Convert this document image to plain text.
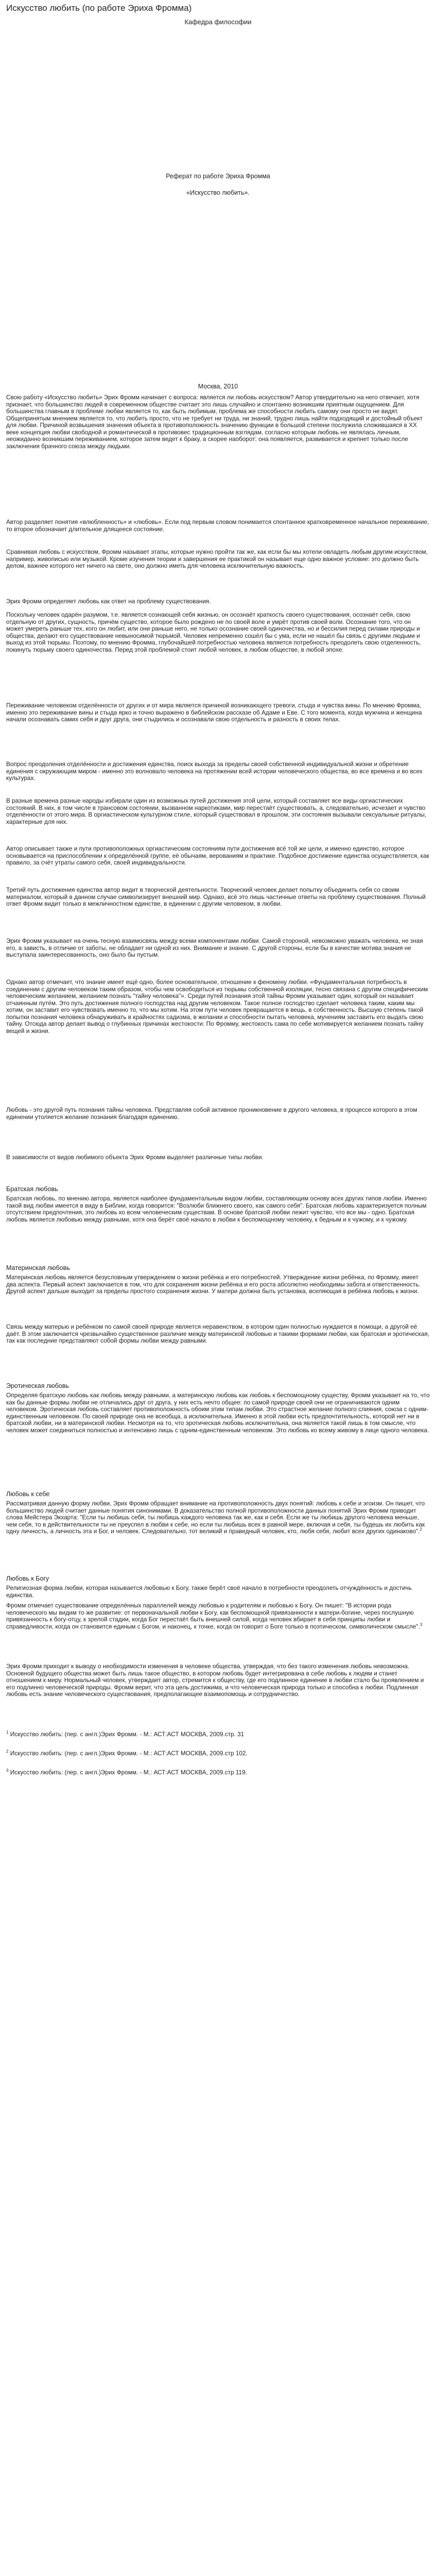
Искусство любить (по работе Эриха Фромма)
Кафедра философии
Реферат по работе Эриха Фромма
«Искусство любить».
Москва, 2010

Свою работу «Искусство любить» Эрих Фромм начинает с вопроса: является ли любовь искусством? Автор утвердительно на него отвечает, хотя признает, что большинство людей в современном обществе считает это лишь случайно и спонтанно возникшим приятным ощущением. Для большинства главным в проблеме любви является то, как быть любимым, проблема же способности любить самому они просто не видят. Общепринятым мнением является то, что любить просто, что не требует ни труда, ни знаний, трудно лишь найти подходящий и достойный объект для любви. Причиной возвышения значения объекта в противоположность значению функции в большой степени послужила сложившаяся в XX веке концепция любви свободной и романтической в противовес традиционным взглядам, согласно которым любовь не являлась личным, неожиданно возникшим переживанием, которое затем ведет к браку, а скорее наоборот: она появляется, развивается и крепнет только после заключения брачного союза между людьми.

Автор разделяет понятия «влюбленность» и «любовь». Если под первым словом понимается спонтанное кратковременное начальное переживание, то второе обозначает длительное длящееся состояние.

Сравнивая любовь с искусством, Фромм называет этапы, которые нужно пройти так же, как если бы мы хотели овладеть любым другим искусством, например, живописью или музыкой. Кроме изучения теории и завершения ее практикой он называет еще одно важное условие: это должно быть делом, важнее которого нет ничего на свете, оно должно иметь для человека исключительную важность.

Эрих Фромм определяет любовь как ответ на проблему существования.

Поскольку человек одарён разумом, т.е. является сознающей себя жизнью, он осознаёт краткость своего существования, осознаёт себя, свою отдельную от других, сущность, причём существо, которое было рождено не по своей воле и умрёт против своей воли. Осознание того, что он может умереть раньше тех, кого он любит, или они раньше него, не только осознание своей одиночества, но и бессилия перед силами природы и общества, делают его существование невыносимой тюрьмой. Человек непременно сошёл бы с ума, если не нашёл бы связь с другими людьми и выход из этой тюрьмы. Поэтому, по мнению Фромма, глубочайшей потребностью человека является потребность преодолеть свою отделенность, покинуть тюрьму своего одиночества. Перед этой проблемой стоит любой человек, в любом обществе, в любой эпохе.

Переживание человеком отделённости от других и от мира является причиной возникающего тревоги, стыда и чувства вины. По мнению Фромма, именно это переживание вины и стыда ярко и точно выражено в библейском рассказе об Адаме и Еве. С того момента, когда мужчина и женщина начали осознавать самих себя и друг друга, они стыдились и осознавали свою отдельность и разность в своих телах.

Вопрос преодоления отделённости и достижения единства, поиск выхода за пределы своей собственной индивидуальной жизни и обретение единения с окружающим миром - именно это волновало человека на протяжении всей истории человеческого общества, во все времена и во всех культурах.

В разные времена разные народы избирали один из возможных путей достижения этой цели, который составляет все виды оргиастических состояний. В них, в том числе в трансовом состоянии, вызванном наркотиками, мир перестаёт существовать, а, следовательно, исчезает и чувство отделённости от этого мира. В оргиастическом культурном стиле, который существовал в прошлом, эти состояния вызывали сексуальные ритуалы, характерные для них.

Автор описывает также и пути противоположных оргиастическим состояниям пути достижения всё той же цели, и именно единство, которое основывается на приспособлении к определённой группе, её обычаям, верованиям и практике. Подобное достижение единства осуществляется, как правило, за счёт утраты самого себя, своей индивидуальности.

Третий путь достижения единства автор видит в творческой деятельности. Творческий человек делает попытку объединить себя со своим материалом, который в данном случае символизирует внешний мир. Однако, всё это лишь частичные ответы на проблему существования. Полный ответ Фромм видит только в межличностном единстве, в единении с другим человеком, в любви.

Эрих Фромм указывает на очень тесную взаимосвязь между всеми компонентами любви. Самой стороной, невозможно уважать человека, не зная его, а зависть, в отличие от заботы, не обладает ни одной из них. Внимание и знание. С другой стороны, если бы в качестве мотива знания не выступала заинтересованность, оно было бы пустым.

Однако автор отмечает, что знание имеет ещё одно, более основательное, отношение к феномену любви. «Фундаментальная потребность в соединении с другим человеком таким образом, чтобы чем освободиться из тюрьмы собственной изоляции, тесно связана с другим специфическим человеческим желанием, желанием познать "тайну человека"». Среди путей познания этой тайны Фромм указывает один, который он называет отчаянным путём. Это путь достижения полного господства над другим человеком. Такое полное господство сделает человека таким, каким мы хотим, он заставит его чувствовать именно то, что мы хотим. На этом пути человек превращается в вещь, в собственность. Высшую степень такой попытки познания человека обнаруживать в крайностях садизма, в желании и способности пытать человека, мучениям заставить его выдать свою тайну. Отсюда автор делает вывод о глубинных причинах жестокости. По Фромму, жестокость сама по себе мотивируется желанием познать тайну вещей и жизни.

Любовь - это другой путь познания тайны человека. Представляя собой активное проникновение в другого человека, в процессе которого в этом единении утоляется желание познания благодаря единению.

В зависимости от видов любимого объекта Эрих Фромм выделяет различные типы любви.

Братская любовь

Братская любовь, по мнению автора, является наиболее фундаментальным видом любви, составляющим основу всех других типов любви. Именно такой вид любви имеется в виду в Библии, когда говорится: "Возлюби ближнего своего, как самого себя". Братская любовь характеризуется полным отсутствием предпочтения, это любовь ко всем человеческим существам. В основе братской любви лежит чувство, что все мы - одно. Братская любовь является любовью между равными, хотя она берёт своё начало в любви к беспомощному человеку, к бедным и к чужому, и к чужому.

Материнская любовь

Материнская любовь является безусловным утверждением о жизни ребёнка и его потребностей. Утверждение жизни ребёнка, по Фромму, имеет два аспекта. Первый аспект заключается в том, что для сохранения жизни ребёнка и его роста абсолютно необходимы забота и ответственность. Другой аспект дальше выходит за пределы простого сохранения жизни. У матери должна быть установка, вселяющая в ребёнка любовь к жизни.

Связь между матерью и ребёнком по самой своей природе является неравенством, в котором один полностью нуждается в помощи, а другой её даёт. В этом заключается чрезвычайно существенное различие между материнской любовью и такими формами любви, как братская и эротическая, так как последние представляют собой формы любви между равными.

Эротическая любовь

Определяя братскую любовь как любовь между равными, а материнскую любовь как любовь к беспомощному существу, Фромм указывает на то, что как бы данные формы любви не отличались друг от друга, у них есть нечто общее: по самой природе своей они не ограничиваются одним человеком. Эротическая любовь составляет противоположность обоим этим типам любви. Это страстное желание полного слияния, союза с одним-единственным человеком. По своей природе она не всеобща, а исключительна. Именно в этой любви есть предпочтительность, которой нет ни в братской любви, ни в материнской любви. Несмотря на то, что эротическая любовь исключительна, она является такой лишь в том смысле, что человек может соединиться полностью и интенсивно лишь с одним-единственным человеком. Это любовь ко всему живому в лице одного человека.

Любовь к себе

Рассматривая данную форму любви, Эрих Фромм обращает внимание на противоположность двух понятий: любовь к себе и эгоизм. Он пишет, что большинство людей считает данные понятия синонимами. В доказательство полной противоположности данных понятий Эрих Фромм приводит слова Мейстера Экхарта: "Если ты любишь себя, ты любишь каждого человека так же, как и себя. Если же ты любишь другого человека меньше, чем себя, то в действительности ты не преуспел в любви к себе, но если ты любишь всех в равной мере, включая и себя, ты будешь их любить как одну личность, а личность эта и Бог, и человек. Следовательно, тот великий и праведный человек, кто, любя себя, любит всех других одинаково".$^2$

Любовь к Богу

Религиозная форма любви, которая называется любовью к Богу, также берёт своё начало в потребности преодолеть отчуждённость и достичь единства.

Фромм отмечает существование определённых параллелей между любовью к родителям и любовью к Богу. Он пишет: "В истории рода человеческого мы видим то же развитие: от первоначальной любви к Богу, как беспомощной привязанности к матери-богине, через послушную привязанность к богу-отцу, к зрелой стадии, когда Бог перестаёт быть внешней силой, когда человек вбирает в себя принципы любви и справедливости, когда он становится единым с Богом, и наконец, к точке, когда он говорит о Боге только в поэтическом, символическом смысле".$^3$

Эрих Фромм приходит к выводу о необходимости изменения в человеке общества, утверждая, что без такого изменения любовь невозможна. Основной будущего общества может быть лишь такое общество, в котором любовь будет интегрирована в себе любовь к людям и станет отношением к миру. Нормальный человек, утверждает автор, стремится к обществу, где его подлинное единение в любви стало бы проявлением и его подлинно человеческой природы. Фромм верит, что эта цель достижима, и что человеческая природа только и способна к любви. Подлинная любовь есть знание человеческого существования, предполагающее взаимопомощь и сотрудничество.

$^1$ Искусство любить: (пер. с англ.)Эрих Фромм. - М.: АСТ:АСТ МОСКВА, 2009.стр. 31
$^2$ Искусство любить: (пер. с англ.)Эрих Фромм. - М.: АСТ:АСТ МОСКВА, 2009.стр 102.
$^3$ Искусство любить: (пер. с англ.)Эрих Фромм. - М.: АСТ:АСТ МОСКВА, 2009.стр 119.
